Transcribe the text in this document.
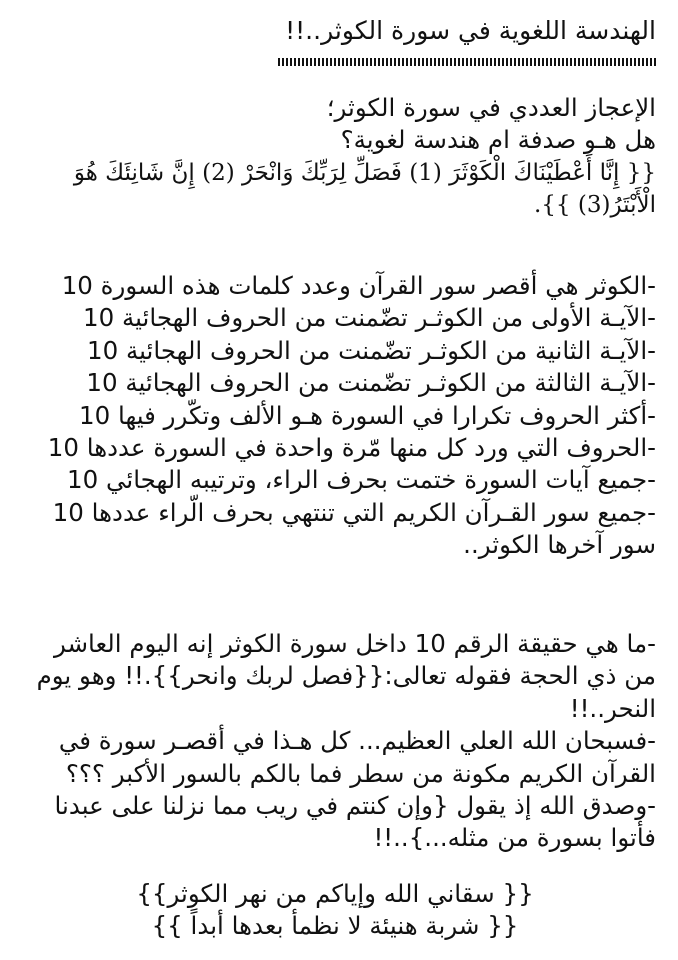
الهندسة اللغوية في سورة الكوثر..!!
الإعجاز العددي في سورة الكوثر؛
هل هـو صدفة ام هندسة لغوية؟
{{ إِنَّا أَعْطَيْنَاكَ الْكَوْثَرَ (1) فَصَلِّ لِرَبِّكَ وَانْحَرْ (2) إِنَّ شَانِئَكَ هُوَ
الْأَبْتَرُ(3) }}.
-الكوثر هي أقصر سور القرآن وعدد كلمات هذه السورة 10
-الآيـة الأولى من الكوثـر تضّمنت من الحروف الهجائية 10
-الآيـة الثانية من الكوثـر تضّمنت من الحروف الهجائية 10
-الآيـة الثالثة من الكوثـر تضّمنت من الحروف الهجائية 10
-أكثر الحروف تكرارا في السورة هـو الألف وتكّرر فيها 10
-الحروف التي ورد كل منها مّرة واحدة في السورة عددها 10
-جميع آيات السورة ختمت بحرف الراء، وترتيبه الهجائي 10
-جميع سور القـرآن الكريم التي تنتهي بحرف الّراء عددها 10
سور آخرها الكوثر..
-ما هي حقيقة الرقم 10 داخل سورة الكوثر إنه اليوم العاشر
من ذي الحجة فقوله تعالى:{{فصل لربك وانحر}}.!! وهو يوم
النحر..!!
-فسبحان الله العلي العظيم... كل هـذا في أقصـر سورة في
القرآن الكريم مكونة من سطر فما بالكم بالسور الأكبر ؟؟؟
-وصدق الله إذ يقول {وإن كنتم في ريب مما نزلنا على عبدنا
فأتوا بسورة من مثله...}..!!
{{ سقاني الله وإياكم من نهر الكوثر}}
{{ شربة هنيئة لا نظمأ بعدها أبداً }}
